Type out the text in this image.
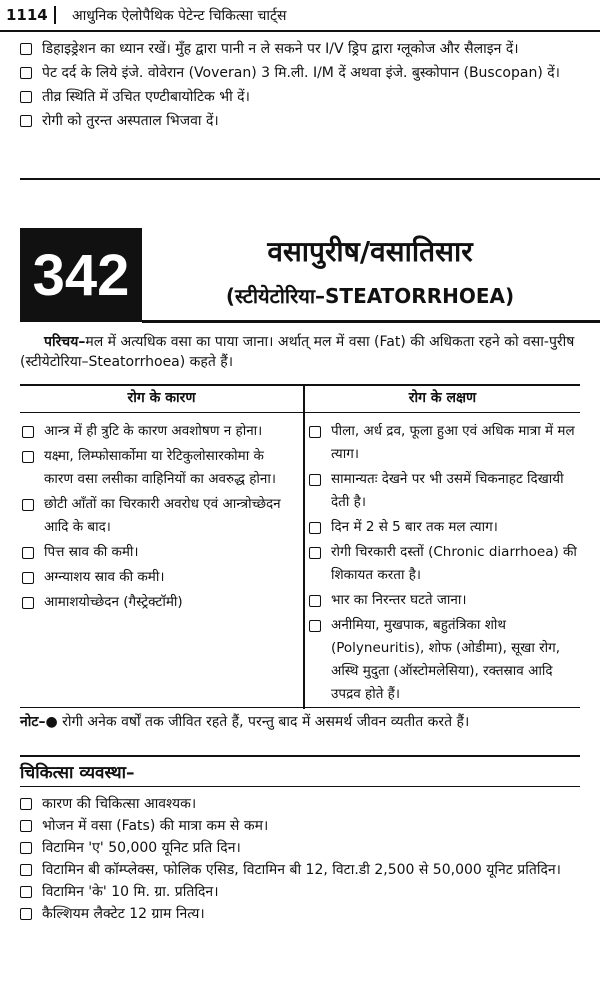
1114	आधुनिक ऐलोपैथिक पेटेन्ट चिकित्सा चार्ट्स
डिहाइड्रेशन का ध्यान रखें। मुँह द्वारा पानी न ले सकने पर I/V ड्रिप द्वारा ग्लूकोज और सैलाइन दें।
पेट दर्द के लिये इंजे. वोवेरान (Voveran) 3 मि.ली. I/M दें अथवा इंजे. बुस्कोपान (Buscopan) दें।
तीव्र स्थिति में उचित एण्टीबायोटिक भी दें।
रोगी को तुरन्त अस्पताल भिजवा दें।
342	वसापुरीष/वसातिसार
(स्टीयेटोरिया–STEATORRHOEA)
परिचय–मल में अत्यधिक वसा का पाया जाना। अर्थात् मल में वसा (Fat) की अधिकता रहने को वसा-पुरीष (स्टीयेटोरिया–Steatorrhoea) कहते हैं।
रोग के कारण	रोग के लक्षण
आन्त्र में ही त्रुटि के कारण अवशोषण न होना।
यक्ष्मा, लिम्फोसार्कोमा या रेटिकुलोसारकोमा के कारण वसा लसीका वाहिनियों का अवरुद्ध होना।
छोटी आँतों का चिरकारी अवरोध एवं आन्त्रोच्छेदन आदि के बाद।
पित्त स्राव की कमी।
अग्न्याशय स्राव की कमी।
आमाशयोच्छेदन (गैस्ट्रेक्टॉमी)
पीला, अर्ध द्रव, फूला हुआ एवं अधिक मात्रा में मल त्याग।
सामान्यतः देखने पर भी उसमें चिकनाहट दिखायी देती है।
दिन में 2 से 5 बार तक मल त्याग।
रोगी चिरकारी दस्तों (Chronic diarrhoea) की शिकायत करता है।
भार का निरन्तर घटते जाना।
अनीमिया, मुखपाक, बहुतंत्रिका शोथ (Polyneuritis), शोफ (ओडीमा), सूखा रोग, अस्थि मुदुता (ऑस्टोमलेसिया), रक्तस्राव आदि उपद्रव होते हैं।
नोट–● रोगी अनेक वर्षों तक जीवित रहते हैं, परन्तु बाद में असमर्थ जीवन व्यतीत करते हैं।
चिकित्सा व्यवस्था–
कारण की चिकित्सा आवश्यक।
भोजन में वसा (Fats) की मात्रा कम से कम।
विटामिन 'ए' 50,000 यूनिट प्रति दिन।
विटामिन बी कॉम्प्लेक्स, फोलिक एसिड, विटामिन बी 12, विटा.डी 2,500 से 50,000 यूनिट प्रतिदिन।
विटामिन 'के' 10 मि. ग्रा. प्रतिदिन।
कैल्शियम लैक्टेट 12 ग्राम नित्य।
